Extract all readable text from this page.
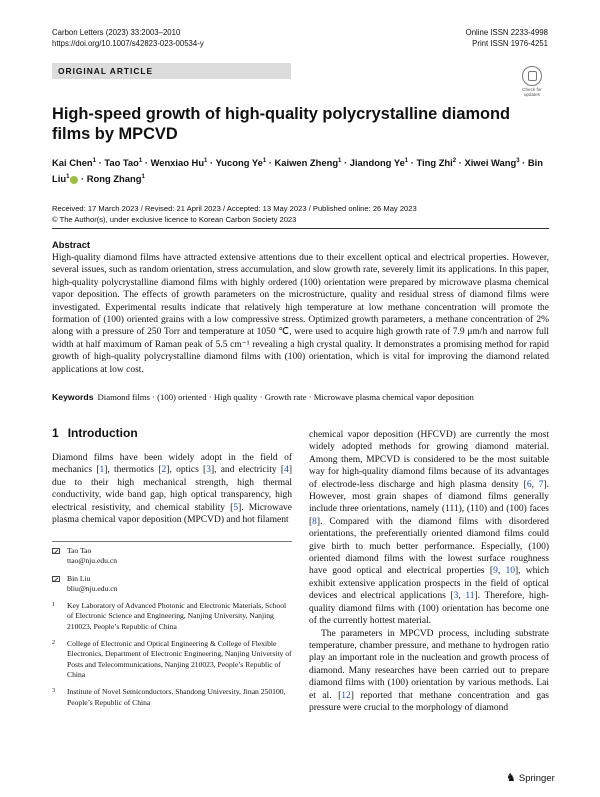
Carbon Letters (2023) 33:2003–2010
https://doi.org/10.1007/s42823-023-00534-y
Online ISSN 2233-4998
Print ISSN 1976-4251
ORIGINAL ARTICLE
Check for
updates
High-speed growth of high-quality polycrystalline diamond films by MPCVD
Kai Chen$^1$ · Tao Tao$^1$ · Wenxiao $Hu^1$ · Yucong $Ye^1$ · Kaiwen Zheng$^1$ · Jiandong $Ye^1$ · Ting Zhi$^2$ · Xiwei Wang$^3$ · Bin Liu$^1$ · Rong Zhang$^1$
Received: 17 March 2023 / Revised: 21 April 2023 / Accepted: 13 May 2023 / Published online: 26 May 2023
© The Author(s), under exclusive licence to Korean Carbon Society 2023
Abstract
High-quality diamond films have attracted extensive attentions due to their excellent optical and electrical properties. However, several issues, such as random orientation, stress accumulation, and slow growth rate, severely limit its applications. In this paper, high-quality polycrystalline diamond films with highly ordered (100) orientation were prepared by microwave plasma chemical vapor deposition. The effects of growth parameters on the microstructure, quality and residual stress of diamond films were investigated. Experimental results indicate that relatively high temperature at low methane concentration will promote the formation of (100) oriented grains with a low compressive stress. Optimized growth parameters, a methane concentration of 2% along with a pressure of 250 Torr and temperature at 1050 ℃, were used to acquire high growth rate of 7.9 μm/h and narrow full width at half maximum of Raman peak of 5.5 cm⁻¹ revealing a high crystal quality. It demonstrates a promising method for rapid growth of high-quality polycrystalline diamond films with (100) orientation, which is vital for improving the diamond related applications at low cost.
Keywords Diamond films · (100) oriented · High quality · Growth rate · Microwave plasma chemical vapor deposition
1 Introduction
Diamond films have been widely adopt in the field of mechanics [1], thermotics [2], optics [3], and electricity [4] due to their high mechanical strength, high thermal conductivity, wide band gap, high optical transparency, high electrical resistivity, and chemical stability [5]. Microwave plasma chemical vapor deposition (MPCVD) and hot filament

chemical vapor deposition (HFCVD) are currently the most widely adopted methods for growing diamond material. Among them, MPCVD is considered to be the most suitable way for high-quality diamond films because of its advantages of electrode-less discharge and high plasma density [6, 7]. However, most grain shapes of diamond films generally include three orientations, namely (111), (110) and (100) faces [8]. Compared with the diamond films with disordered orientations, the preferentially oriented diamond films could give birth to much better performance. Especially, (100) oriented diamond films with the lowest surface roughness have good optical and electrical properties [9, 10], which exhibit extensive application prospects in the field of optical devices and electrical applications [3, 11]. Therefore, high-quality diamond films with (100) orientation has become one of the currently hottest material.

The parameters in MPCVD process, including substrate temperature, chamber pressure, and methane to hydrogen ratio play an important role in the nucleation and growth process of diamond. Many researches have been carried out to prepare diamond films with (100) orientation by various methods. Lai et al. [12] reported that methane concentration and gas pressure were crucial to the morphology of diamond

Tao Tao
ttao@nju.edu.cn
Bin Liu
bliu@nju.edu.cn
1 Key Laboratory of Advanced Photonic and Electronic Materials, School of Electronic Science and Engineering, Nanjing University, Nanjing 210023, People’s Republic of China
2 College of Electronic and Optical Engineering & College of Flexible Electronics, Department of Electronic Engineering, Nanjing University of Posts and Telecommunications, Nanjing 210023, People’s Republic of China
3 Institute of Novel Semiconductors, Shandong University, Jinan 250100, People’s Republic of China
♞ Springer
